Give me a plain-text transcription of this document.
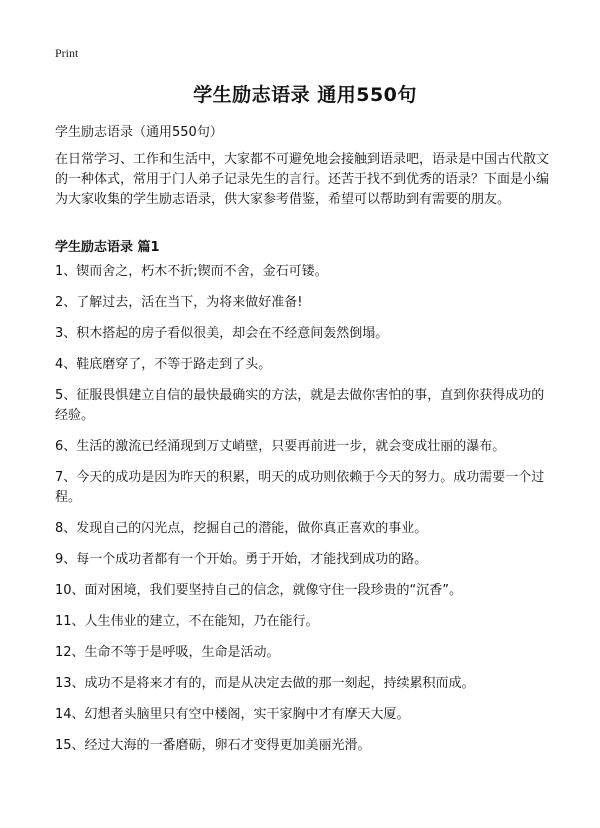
Print
学生励志语录 通用550句
学生励志语录（通用550句）
在日常学习、工作和生活中，大家都不可避免地会接触到语录吧，语录是中国古代散文的一种体式，常用于门人弟子记录先生的言行。还苦于找不到优秀的语录？下面是小编为大家收集的学生励志语录，供大家参考借鉴，希望可以帮助到有需要的朋友。
学生励志语录 篇1
1、锲而舍之，朽木不折;锲而不舍，金石可镂。
2、了解过去，活在当下，为将来做好准备!
3、积木搭起的房子看似很美，却会在不经意间轰然倒塌。
4、鞋底磨穿了，不等于路走到了头。
5、征服畏惧建立自信的最快最确实的方法，就是去做你害怕的事，直到你获得成功的经验。
6、生活的激流已经涌现到万丈峭壁，只要再前进一步，就会变成壮丽的瀑布。
7、今天的成功是因为昨天的积累，明天的成功则依赖于今天的努力。成功需要一个过程。
8、发现自己的闪光点，挖掘自己的潜能，做你真正喜欢的事业。
9、每一个成功者都有一个开始。勇于开始，才能找到成功的路。
10、面对困境，我们要坚持自己的信念，就像守住一段珍贵的“沉香”。
11、人生伟业的建立，不在能知，乃在能行。
12、生命不等于是呼吸，生命是活动。
13、成功不是将来才有的，而是从决定去做的那一刻起，持续累积而成。
14、幻想者头脑里只有空中楼阁，实干家胸中才有摩天大厦。
15、经过大海的一番磨砺，卵石才变得更加美丽光滑。
